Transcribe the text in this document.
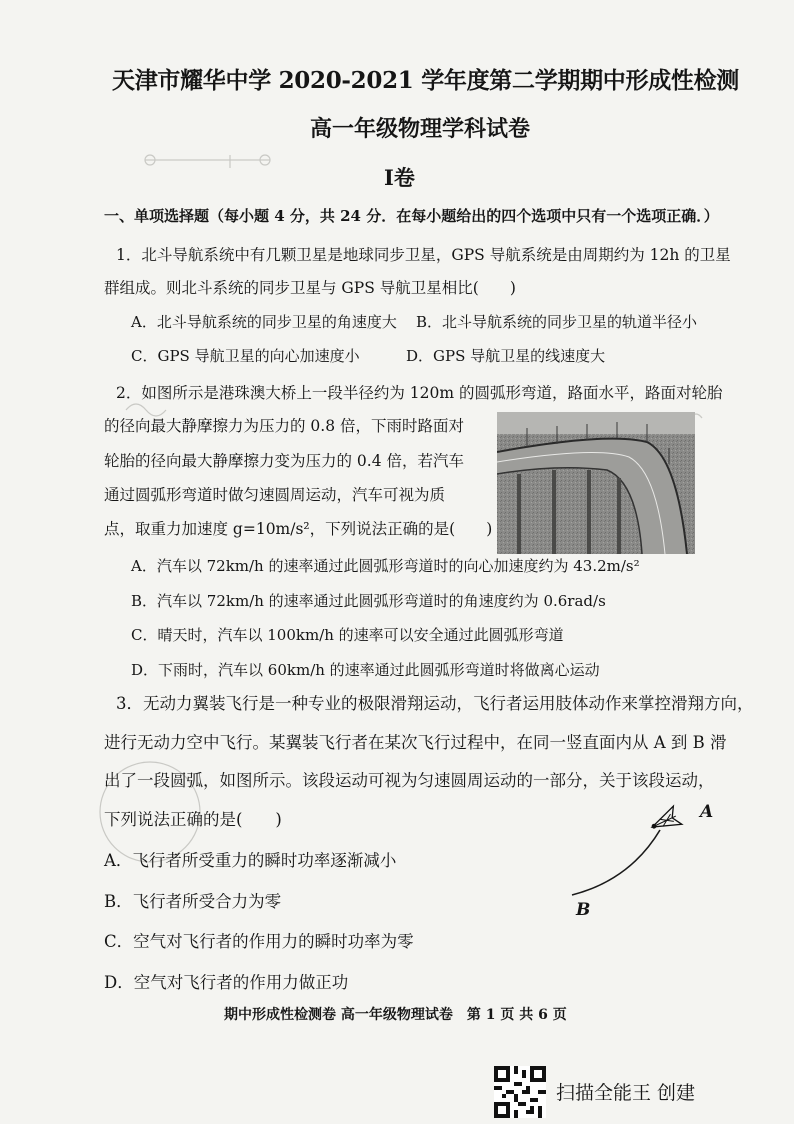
天津市耀华中学 2020-2021 学年度第二学期期中形成性检测
高一年级物理学科试卷
Ⅰ卷
一、单项选择题（每小题 4 分，共 24 分．在每小题给出的四个选项中只有一个选项正确．）
1．北斗导航系统中有几颗卫星是地球同步卫星，GPS 导航系统是由周期约为 12h 的卫星
群组成。则北斗系统的同步卫星与 GPS 导航卫星相比(　　)
A．北斗导航系统的同步卫星的角速度大 B．北斗导航系统的同步卫星的轨道半径小
C．GPS 导航卫星的向心加速度小	D．GPS 导航卫星的线速度大
2．如图所示是港珠澳大桥上一段半径约为 120m 的圆弧形弯道，路面水平，路面对轮胎
的径向最大静摩擦力为压力的 0.8 倍，下雨时路面对
轮胎的径向最大静摩擦力变为压力的 0.4 倍，若汽车
通过圆弧形弯道时做匀速圆周运动，汽车可视为质
点，取重力加速度 g=10m/s²，下列说法正确的是(　　)
A．汽车以 72km/h 的速率通过此圆弧形弯道时的向心加速度约为 43.2m/s²
B．汽车以 72km/h 的速率通过此圆弧形弯道时的角速度约为 0.6rad/s
C．晴天时，汽车以 100km/h 的速率可以安全通过此圆弧形弯道
D．下雨时，汽车以 60km/h 的速率通过此圆弧形弯道时将做离心运动
3．无动力翼装飞行是一种专业的极限滑翔运动，飞行者运用肢体动作来掌控滑翔方向，
进行无动力空中飞行。某翼装飞行者在某次飞行过程中，在同一竖直面内从 A 到 B 滑
出了一段圆弧，如图所示。该段运动可视为匀速圆周运动的一部分，关于该段运动，
下列说法正确的是(　　)
A．飞行者所受重力的瞬时功率逐渐减小
B．飞行者所受合力为零
C．空气对飞行者的作用力的瞬时功率为零
D．空气对飞行者的作用力做正功
A
B
期中形成性检测卷 高一年级物理试卷　第 1 页 共 6 页
扫描全能王 创建
